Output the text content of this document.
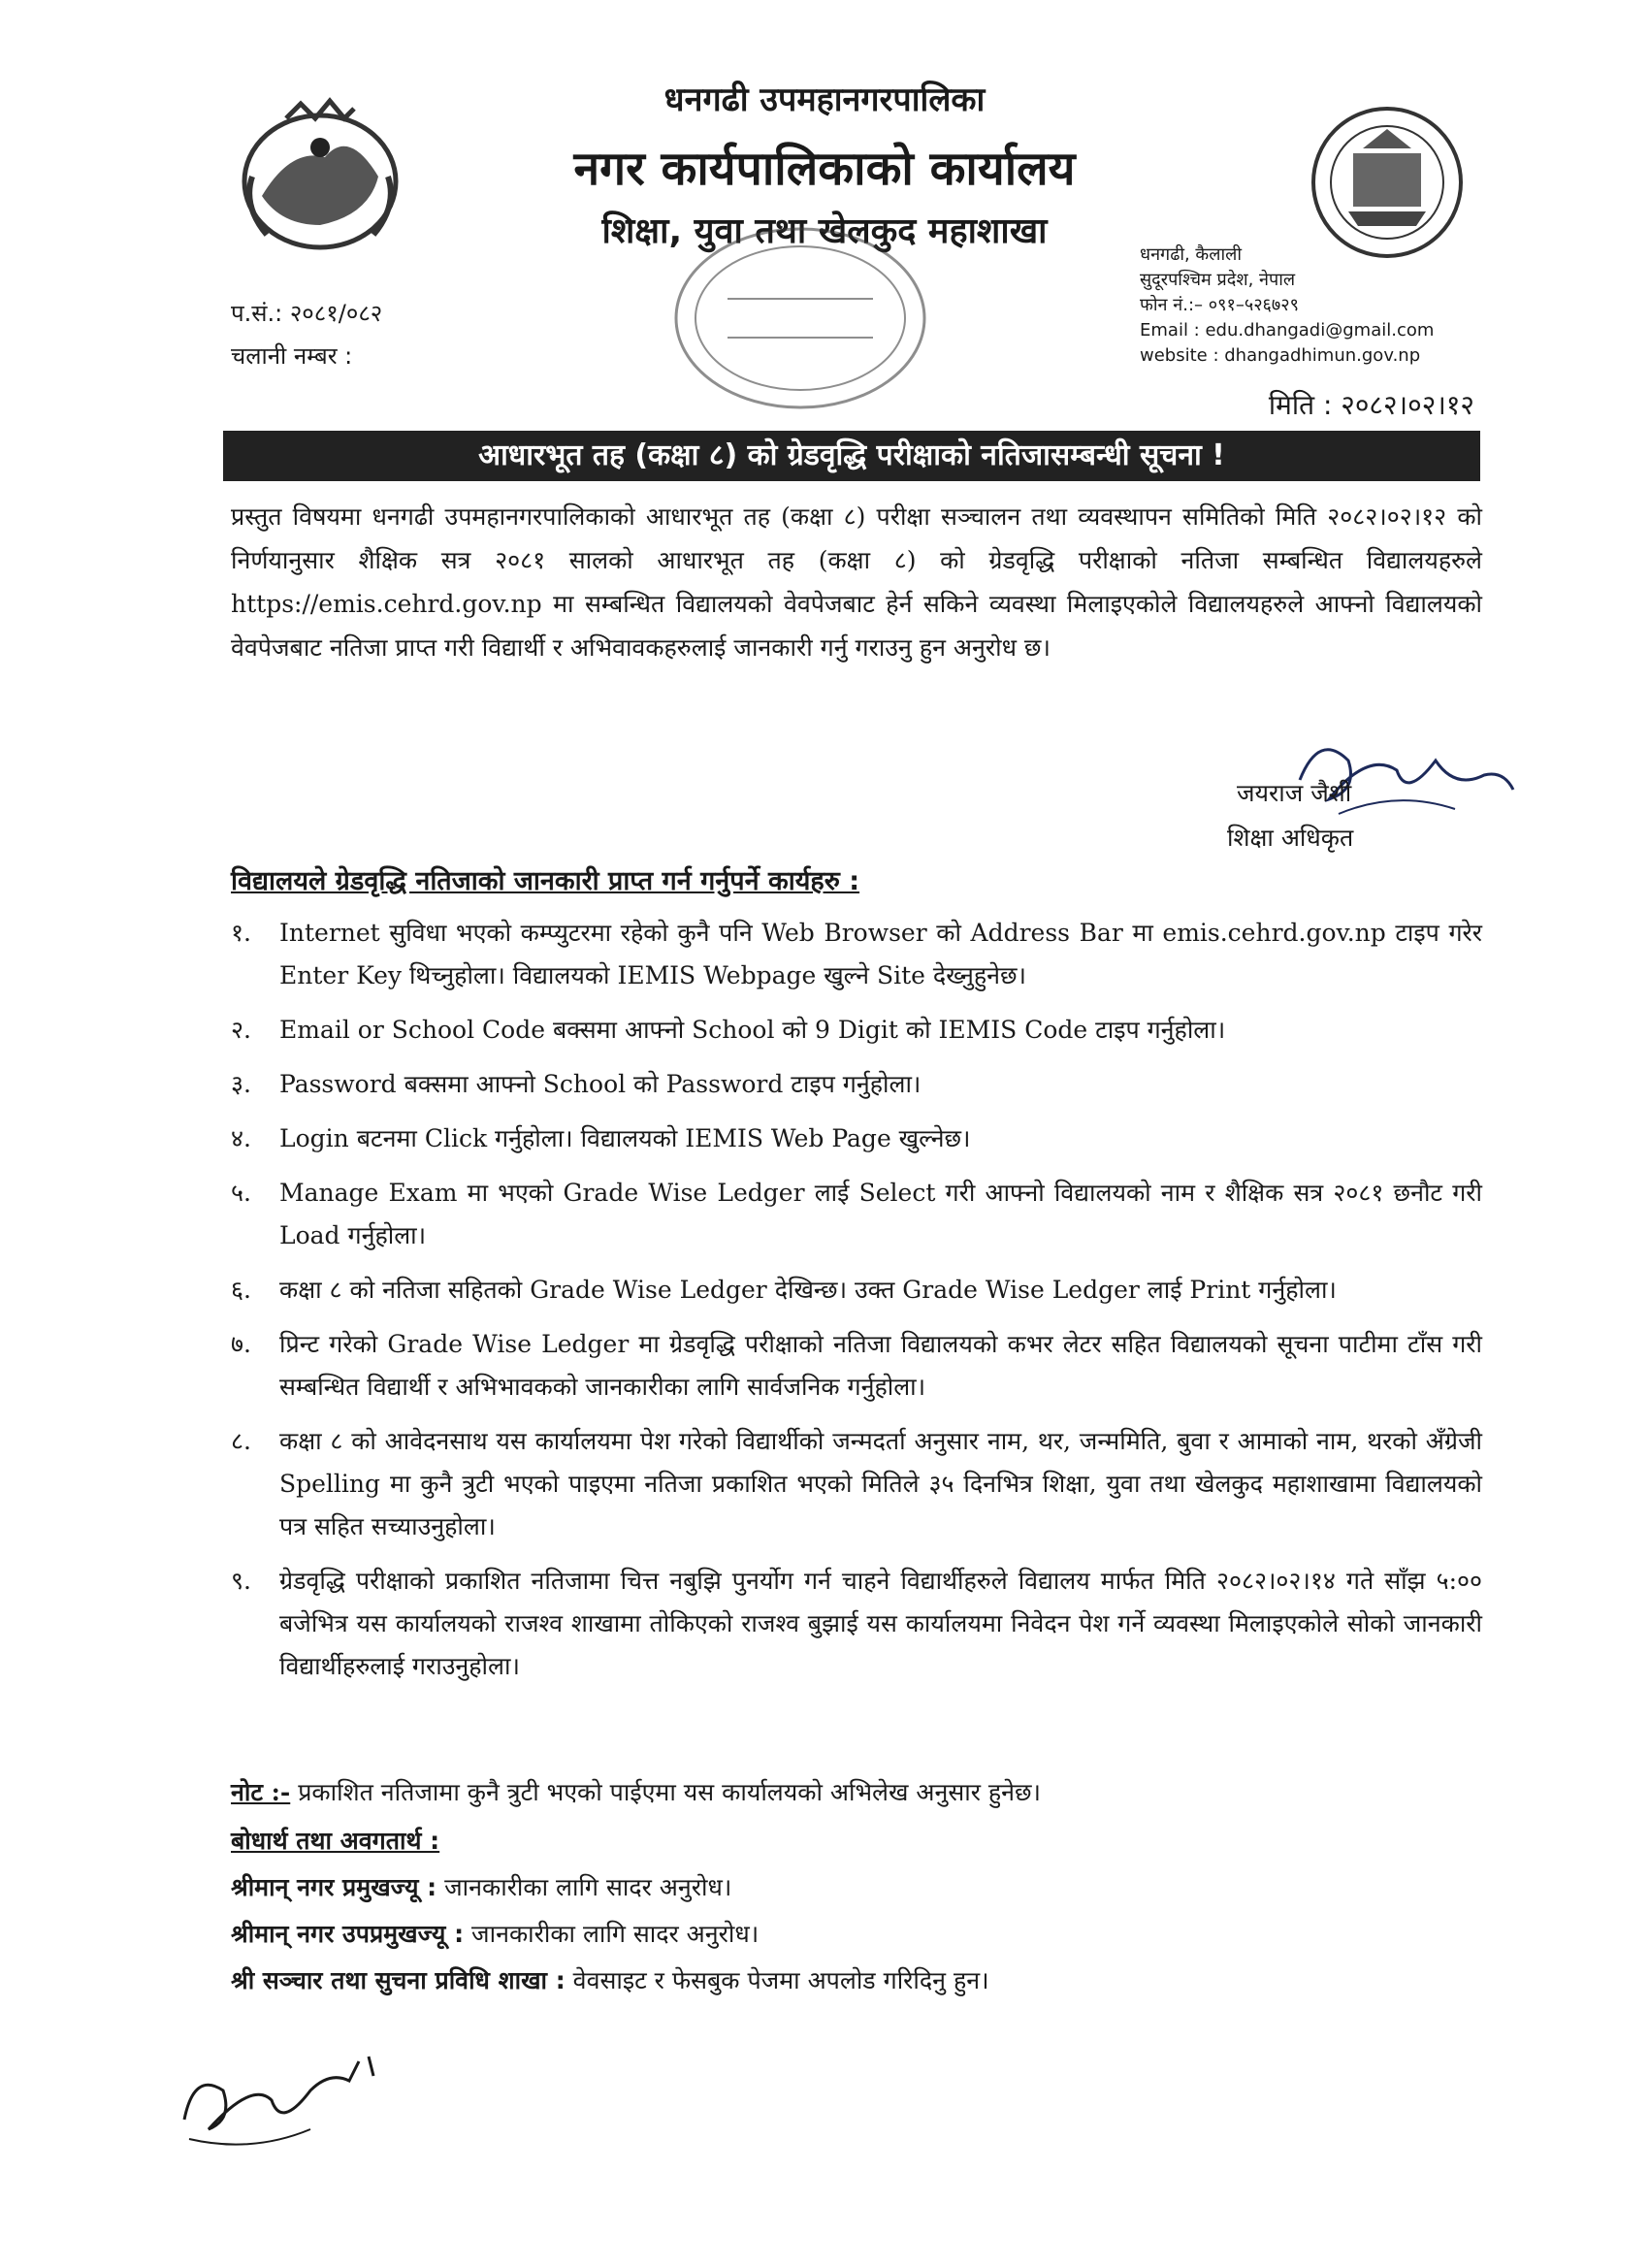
धनगढी उपमहानगरपालिका
नगर कार्यपालिकाको कार्यालय
शिक्षा, युवा तथा खेलकुद महाशाखा
प.सं.: २०८१/०८२
चलानी नम्बर :
धनगढी, कैलाली
सुदूरपश्चिम प्रदेश, नेपाल
फोन नं.:– ०९१–५२६७२९
Email : edu.dhangadi@gmail.com
website : dhangadhimun.gov.np
मिति : २०८२।०२।१२
आधारभूत तह (कक्षा ८) को ग्रेडवृद्धि परीक्षाको नतिजासम्बन्धी सूचना !
प्रस्तुत विषयमा धनगढी उपमहानगरपालिकाको आधारभूत तह (कक्षा ८) परीक्षा सञ्चालन तथा व्यवस्थापन समितिको मिति २०८२।०२।१२ को निर्णयानुसार शैक्षिक सत्र २०८१ सालको आधारभूत तह (कक्षा ८) को ग्रेडवृद्धि परीक्षाको नतिजा सम्बन्धित विद्यालयहरुले https://emis.cehrd.gov.np मा सम्बन्धित विद्यालयको वेवपेजबाट हेर्न सकिने व्यवस्था मिलाइएकोले विद्यालयहरुले आफ्नो विद्यालयको वेवपेजबाट नतिजा प्राप्त गरी विद्यार्थी र अभिवावकहरुलाई जानकारी गर्नु गराउनु हुन अनुरोध छ।
जयराज जैशी
शिक्षा अधिकृत
विद्यालयले ग्रेडवृद्धि नतिजाको जानकारी प्राप्त गर्न गर्नुपर्ने कार्यहरु :
१.	Internet सुविधा भएको कम्प्युटरमा रहेको कुनै पनि Web Browser को Address Bar मा emis.cehrd.gov.np टाइप गरेर Enter Key थिच्नुहोला। विद्यालयको IEMIS Webpage खुल्ने Site देख्नुहुनेछ।
२.	Email or School Code बक्समा आफ्नो School को 9 Digit को IEMIS Code टाइप गर्नुहोला।
३.	Password बक्समा आफ्नो School को Password टाइप गर्नुहोला।
४.	Login बटनमा Click गर्नुहोला। विद्यालयको IEMIS Web Page खुल्नेछ।
५.	Manage Exam मा भएको Grade Wise Ledger लाई Select गरी आफ्नो विद्यालयको नाम र शैक्षिक सत्र २०८१ छनौट गरी Load गर्नुहोला।
६.	कक्षा ८ को नतिजा सहितको Grade Wise Ledger देखिन्छ। उक्त Grade Wise Ledger लाई Print गर्नुहोला।
७.	प्रिन्ट गरेको Grade Wise Ledger मा ग्रेडवृद्धि परीक्षाको नतिजा विद्यालयको कभर लेटर सहित विद्यालयको सूचना पाटीमा टाँस गरी सम्बन्धित विद्यार्थी र अभिभावकको जानकारीका लागि सार्वजनिक गर्नुहोला।
८.	कक्षा ८ को आवेदनसाथ यस कार्यालयमा पेश गरेको विद्यार्थीको जन्मदर्ता अनुसार नाम, थर, जन्ममिति, बुवा र आमाको नाम, थरको अँग्रेजी Spelling मा कुनै त्रुटी भएको पाइएमा नतिजा प्रकाशित भएको मितिले ३५ दिनभित्र शिक्षा, युवा तथा खेलकुद महाशाखामा विद्यालयको पत्र सहित सच्याउनुहोला।
९.	ग्रेडवृद्धि परीक्षाको प्रकाशित नतिजामा चित्त नबुझि पुनर्योग गर्न चाहने विद्यार्थीहरुले विद्यालय मार्फत मिति २०८२।०२।१४ गते साँझ ५:०० बजेभित्र यस कार्यालयको राजश्व शाखामा तोकिएको राजश्व बुझाई यस कार्यालयमा निवेदन पेश गर्ने व्यवस्था मिलाइएकोले सोको जानकारी विद्यार्थीहरुलाई गराउनुहोला।
नोट :- प्रकाशित नतिजामा कुनै त्रुटी भएको पाईएमा यस कार्यालयको अभिलेख अनुसार हुनेछ।
बोधार्थ तथा अवगतार्थ :
श्रीमान् नगर प्रमुखज्यू : जानकारीका लागि सादर अनुरोध।
श्रीमान् नगर उपप्रमुखज्यू : जानकारीका लागि सादर अनुरोध।
श्री सञ्चार तथा सुचना प्रविधि शाखा : वेवसाइट र फेसबुक पेजमा अपलोड गरिदिनु हुन।
